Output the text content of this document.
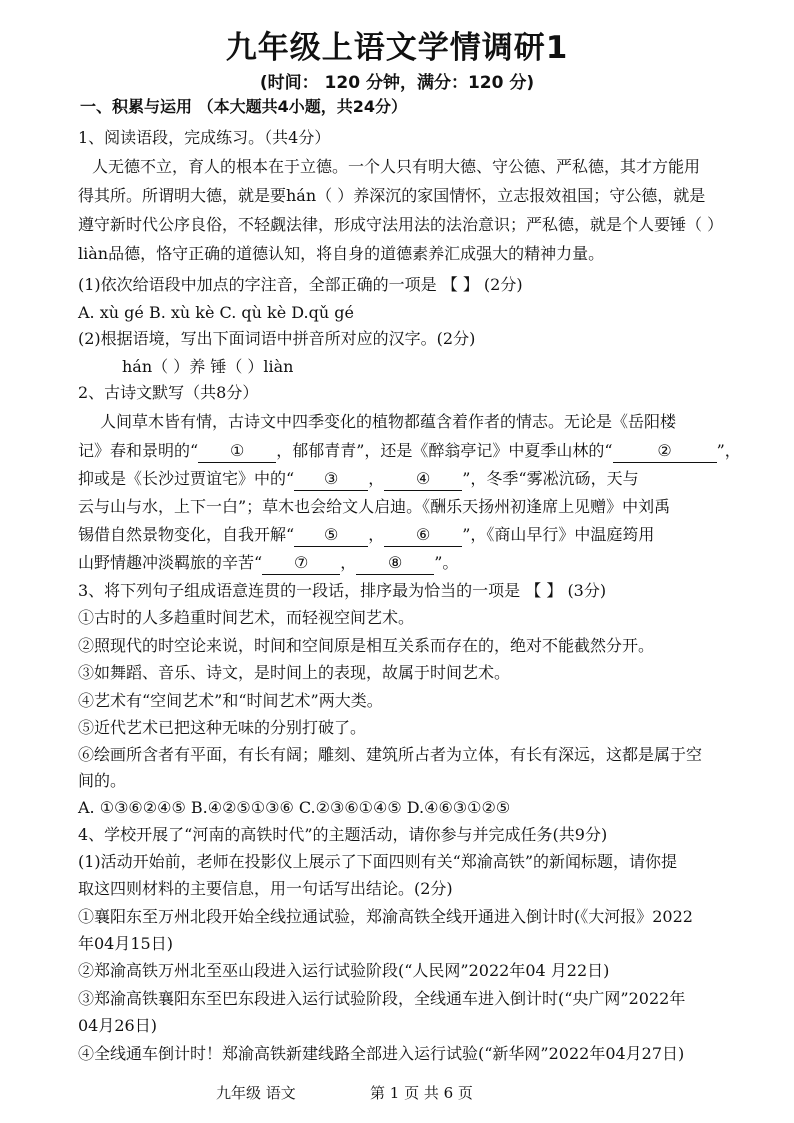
九年级上语文学情调研1
(时间： 120 分钟，满分：120 分)
一、积累与运用 （本大题共4小题，共24分）
1、阅读语段，完成练习。（共4分）
人无德不立，育人的根本在于立德。一个人只有明大德、守公德、严私德，其才方能用
得其所。所谓明大德，就是要hán（ ）养深沉的家国情怀，立志报效祖国；守公德，就是
遵守新时代公序良俗，不轻觑法律，形成守法用法的法治意识；严私德，就是个人要锤（ ）
liàn品德，恪守正确的道德认知，将自身的道德素养汇成强大的精神力量。
(1)依次给语段中加点的字注音，全部正确的一项是 【 】 (2分)
A. xù gé B. xù kè C. qù kè D.qǔ gé
(2)根据语境，写出下面词语中拼音所对应的汉字。(2分)
hán（ ）养 锤（ ）liàn
2、古诗文默写（共8分）
人间草木皆有情，古诗文中四季变化的植物都蕴含着作者的情志。无论是《岳阳楼
记》春和景明的“ ① ，郁郁青青”，还是《醉翁亭记》中夏季山林的“	②	”，
抑或是《长沙过贾谊宅》中的“ ③ ， ④ ”，冬季“雾凇沆砀，天与
云与山与水，上下一白”；草木也会给文人启迪。《酬乐天扬州初逢席上见赠》中刘禹
锡借自然景物变化，自我开解“ ⑤ ， ⑥ ”，《商山早行》中温庭筠用
山野情趣冲淡羁旅的辛苦“ ⑦ ， ⑧ ”。
3、将下列句子组成语意连贯的一段话，排序最为恰当的一项是 【 】 (3分)
①古时的人多趋重时间艺术，而轻视空间艺术。
②照现代的时空论来说，时间和空间原是相互关系而存在的，绝对不能截然分开。
③如舞蹈、音乐、诗文，是时间上的表现，故属于时间艺术。
④艺术有“空间艺术”和“时间艺术”两大类。
⑤近代艺术已把这种无味的分别打破了。
⑥绘画所含者有平面，有长有阔；雕刻、建筑所占者为立体，有长有深远，这都是属于空
间的。
A. ①③⑥②④⑤ B.④②⑤①③⑥ C.②③⑥①④⑤ D.④⑥③①②⑤
4、学校开展了“河南的高铁时代”的主题活动，请你参与并完成任务(共9分)
(1)活动开始前，老师在投影仪上展示了下面四则有关“郑渝高铁”的新闻标题，请你提
取这四则材料的主要信息，用一句话写出结论。(2分)
①襄阳东至万州北段开始全线拉通试验，郑渝高铁全线开通进入倒计时(《大河报》2022
年04月15日)
②郑渝高铁万州北至巫山段进入运行试验阶段(“人民网”2022年04 月22日)
③郑渝高铁襄阳东至巴东段进入运行试验阶段，全线通车进入倒计时(“央广网”2022年
04月26日)
④全线通车倒计时！郑渝高铁新建线路全部进入运行试验(“新华网”2022年04月27日)
九年级 语文	第 1 页 共 6 页
